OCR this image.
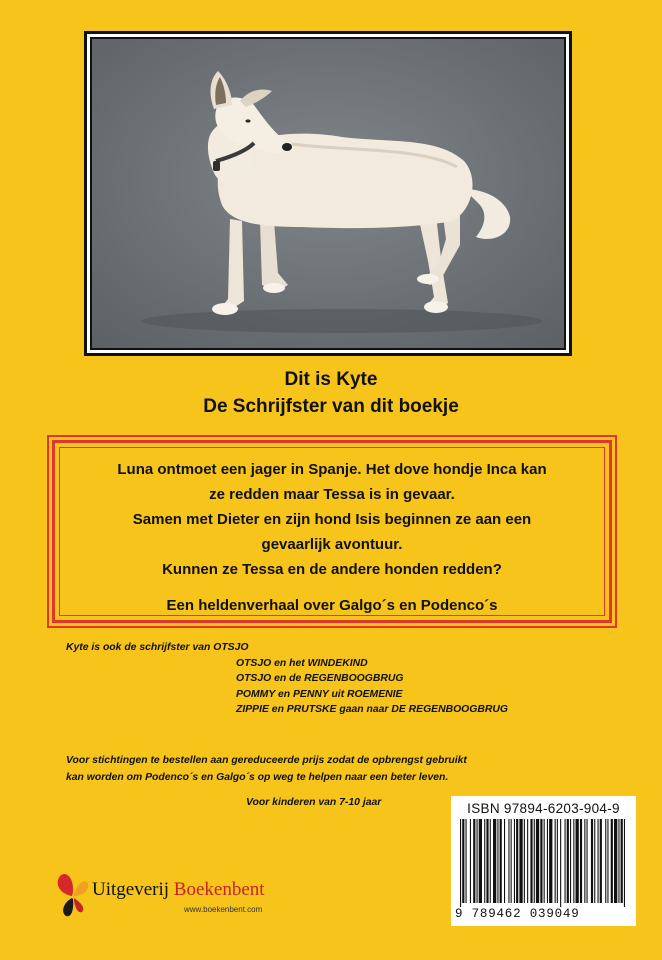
Dit is Kyte
De Schrijfster van dit boekje
Luna ontmoet een jager in Spanje. Het dove hondje Inca kan
ze redden maar Tessa is in gevaar.
Samen met Dieter en zijn hond Isis beginnen ze aan een
gevaarlijk avontuur.
Kunnen ze Tessa en de andere honden redden?
Een heldenverhaal over Galgo´s en Podenco´s
Kyte is ook de schrijfster van OTSJO
OTSJO en het WINDEKIND
OTSJO en de REGENBOOGBRUG
POMMY en PENNY uit ROEMENIE
ZIPPIE en PRUTSKE gaan naar DE REGENBOOGBRUG
Voor stichtingen te bestellen aan gereduceerde prijs zodat de opbrengst gebruikt
kan worden om Podenco´s en Galgo´s op weg te helpen naar een beter leven.
Voor kinderen van 7-10 jaar	ISBN 97894-6203-904-9
9 789462 039049
Uitgeverij Boekenbent
www.boekenbent.com
